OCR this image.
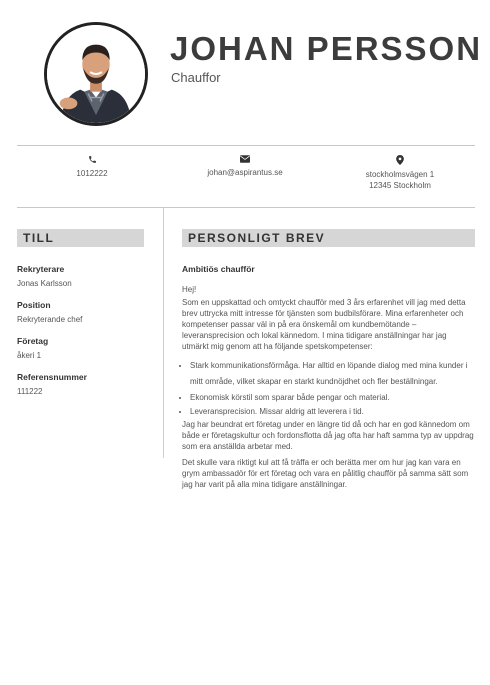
JOHAN PERSSON
Chauffor
1012222	johan@aspirantus.se	stockholmsvägen 1
12345 Stockholm
TILL
Rekryterare
Jonas Karlsson
Position
Rekryterande chef
Företag
åkeri 1
Referensnummer
111222
PERSONLIGT BREV
Ambitiös chaufför
Hej!
Som en uppskattad och omtyckt chaufför med 3 års erfarenhet vill jag med detta brev uttrycka mitt intresse för tjänsten som budbilsförare. Mina erfarenheter och kompetenser passar väl in på era önskemål om kundbemötande – leveransprecision och lokal kännedom. I mina tidigare anställningar har jag utmärkt mig genom att ha följande spetskompetenser:
• Stark kommunikationsförmåga. Har alltid en löpande dialog med mina kunder i mitt område, vilket skapar en starkt kundnöjdhet och fler beställningar.
• Ekonomisk körstil som sparar både pengar och material.
• Leveransprecision. Missar aldrig att leverera i tid.
Jag har beundrat ert företag under en längre tid då och har en god kännedom om både er företagskultur och fordonsflotta då jag ofta har haft samma typ av uppdrag som era anställda arbetar med.
Det skulle vara riktigt kul att få träffa er och berätta mer om hur jag kan vara en grym ambassadör för ert företag och vara en pålitlig chaufför på samma sätt som jag har varit på alla mina tidigare anställningar.
